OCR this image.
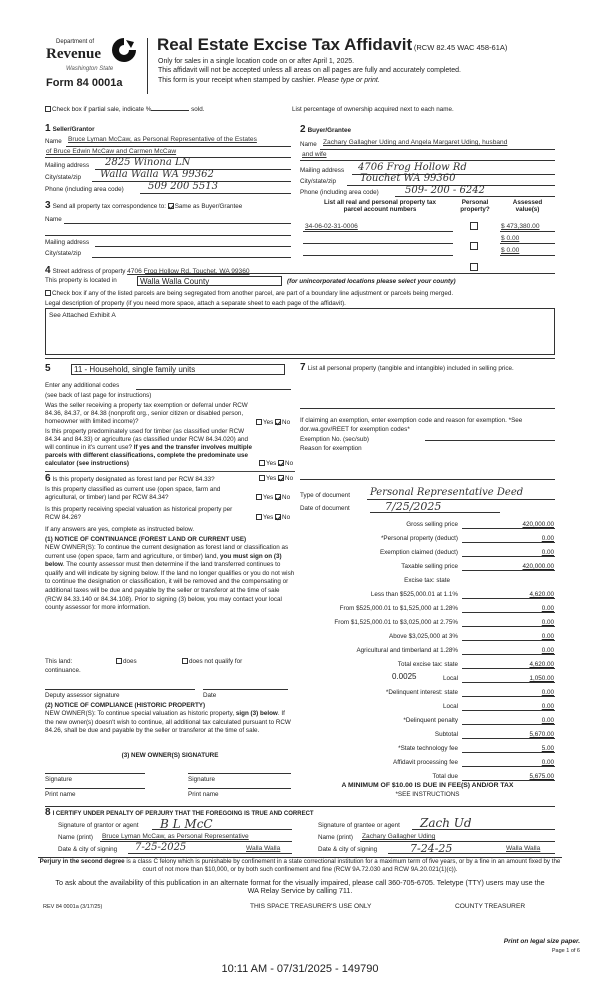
Department of
Revenue
Washington State
Form 84 0001a
Real Estate Excise Tax Affidavit (RCW 82.45 WAC 458-61A)
Only for sales in a single location code on or after April 1, 2025.
This affidavit will not be accepted unless all areas on all pages are fully and accurately completed.
This form is your receipt when stamped by cashier. Please type or print.
Check box if partial sale, indicate %	sold.	List percentage of ownership acquired next to each name.
1 Seller/Grantor
Name Bruce Lyman McCaw, as Personal Representative of the Estates
of Bruce Edwin McCaw and Carmen McCaw
Mailing address 2825 Winona LN
City/state/zip Walla Walla WA 99362
Phone (including area code) 509 200 5513
2 Buyer/Grantee
Name Zachary Gallagher Uding and Angela Margaret Uding, husband
and wife
Mailing address 4706 Frog Hollow Rd
City/state/zip Touchet WA 99360
Phone (including area code)	509- 200 - 6242
3 Send all property tax correspondence to: Same as Buyer/Grantee
Name
Mailing address
City/state/zip
List all real and personal property tax
parcel account numbers
Personal
property?
Assessed
value(s)
34-06-02-31-0006	$ 473,380.00
$ 0.00
$ 0.00
4 Street address of property 4706 Frog Hollow Rd, Touchet, WA 99360
This property is located in	Walla Walla County	(for unincorporated locations please select your county)
Check box if any of the listed parcels are being segregated from another parcel, are part of a boundary line adjustment or parcels being merged.
Legal description of property (if you need more space, attach a separate sheet to each page of the affidavit).
See Attached Exhibit A
5	11 - Household, single family units
Enter any additional codes
(see back of last page for instructions)
Was the seller receiving a property tax exemption or deferral under RCW 84.36, 84.37, or 84.38 (nonprofit org., senior citizen or disabled person, homeowner with limited income)?	Yes No
Is this property predominately used for timber (as classified under RCW 84.34 and 84.33) or agriculture (as classified under RCW 84.34.020) and will continue in it's current use? If yes and the transfer involves multiple parcels with different classifications, complete the predominate use calculator (see instructions)	Yes No
6 Is this property designated as forest land per RCW 84.33?	Yes No
Is this property classified as current use (open space, farm and agricultural, or timber) land per RCW 84.34?	Yes No
Is this property receiving special valuation as historical property per RCW 84.26?	Yes No
If any answers are yes, complete as instructed below.
(1) NOTICE OF CONTINUANCE (FOREST LAND OR CURRENT USE)
NEW OWNER(S): To continue the current designation as forest land or classification as current use (open space, farm and agriculture, or timber) land, you must sign on (3) below. The county assessor must then determine if the land transferred continues to qualify and will indicate by signing below. If the land no longer qualifies or you do not wish to continue the designation or classification, it will be removed and the compensating or additional taxes will be due and payable by the seller or transferor at the time of sale (RCW 84.33.140 or 84.34.108). Prior to signing (3) below, you may contact your local county assessor for more information.
This land:	does	does not qualify for
continuance.
Deputy assessor signature	Date
(2) NOTICE OF COMPLIANCE (HISTORIC PROPERTY)
NEW OWNER(S): To continue special valuation as historic property, sign (3) below. If the new owner(s) doesn't wish to continue, all additional tax calculated pursuant to RCW 84.26, shall be due and payable by the seller or transferor at the time of sale.
(3) NEW OWNER(S) SIGNATURE
Signature	Signature
Print name	Print name
7 List all personal property (tangible and intangible) included in selling price.
If claiming an exemption, enter exemption code and reason for exemption. *See dor.wa.gov/REET for exemption codes*
Exemption No. (sec/sub)
Reason for exemption
Type of document Personal Representative Deed
Date of document	7/25/2025
Gross selling price	420,000.00
*Personal property (deduct)	0.00
Exemption claimed (deduct)	0.00
Taxable selling price	420,000.00
Excise tax: state
Less than $525,000.01 at 1.1%	4,620.00
From $525,000.01 to $1,525,000 at 1.28%	0.00
From $1,525,000.01 to $3,025,000 at 2.75%	0.00
Above $3,025,000 at 3%	0.00
Agricultural and timberland at 1.28%	0.00
Total excise tax: state	4,620.00
Local	1,050.00
*Delinquent interest: state	0.00
Local	0.00
*Delinquent penalty	0.00
Subtotal	5,670.00
*State technology fee	5.00
Affidavit processing fee	0.00
Total due	5,675.00
0.0025
A MINIMUM OF $10.00 IS DUE IN FEE(S) AND/OR TAX
*SEE INSTRUCTIONS
8 I CERTIFY UNDER PENALTY OF PERJURY THAT THE FOREGOING IS TRUE AND CORRECT
Signature of grantor or agent B L McC
Name (print) Bruce Lyman McCaw, as Personal Representative
Date & city of signing 7-25-2025	Walla Walla
Signature of grantee or agent Zach Ud
Name (print) Zachary Gallagher Uding
Date & city of signing	7-24-25	Walla Walla
Perjury in the second degree is a class C felony which is punishable by confinement in a state correctional institution for a maximum term of five years, or by a fine in an amount fixed by the court of not more than $10,000, or by both such confinement and fine (RCW 9A.72.030 and RCW 9A.20.021(1)(c)).
To ask about the availability of this publication in an alternate format for the visually impaired, please call 360-705-6705. Teletype (TTY) users may use the WA Relay Service by calling 711.
REV 84 0001a (3/17/25)	THIS SPACE TREASURER'S USE ONLY	COUNTY TREASURER
Print on legal size paper.
Page 1 of 6
10:11 AM - 07/31/2025 - 149790
